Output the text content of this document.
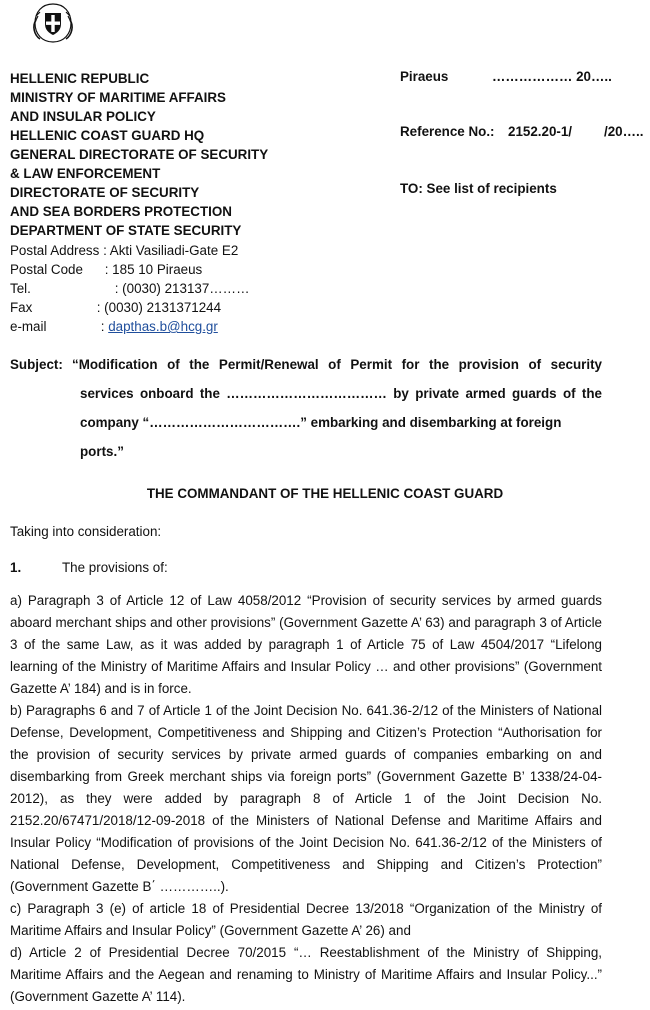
HELLENIC REPUBLIC
MINISTRY OF MARITIME AFFAIRS
AND INSULAR POLICY
HELLENIC COAST GUARD HQ
GENERAL DIRECTORATE OF SECURITY
& LAW ENFORCEMENT
DIRECTORATE OF SECURITY
AND SEA BORDERS PROTECTION
DEPARTMENT OF STATE SECURITY
Postal Address : Akti Vasiliadi-Gate E2
Postal Code : 185 10 Piraeus
Tel.	: (0030) 213137………
Fax	: (0030) 2131371244
e-mail	: dapthas.b@hcg.gr
Piraeus	……………… 20…..
Reference No.: 2152.20-1/ /20…..
TO: See list of recipients
Subject: “Modification of the Permit/Renewal of Permit for the provision of security
services onboard the ……………………………… by private armed guards of the
company “…………………………….” embarking and disembarking at foreign ports.”
THE COMMANDANT OF THE HELLENIC COAST GUARD
Taking into consideration:
1.	The provisions of:

a) Paragraph 3 of Article 12 of Law 4058/2012 “Provision of security services by armed guards aboard merchant ships and other provisions” (Government Gazette A’ 63) and paragraph 3 of Article 3 of the same Law, as it was added by paragraph 1 of Article 75 of Law 4504/2017 “Lifelong learning of the Ministry of Maritime Affairs and Insular Policy … and other provisions” (Government Gazette A’ 184) and is in force.

b) Paragraphs 6 and 7 of Article 1 of the Joint Decision No. 641.36-2/12 of the Ministers of National Defense, Development, Competitiveness and Shipping and Citizen’s Protection “Authorisation for the provision of security services by private armed guards of companies embarking on and disembarking from Greek merchant ships via foreign ports” (Government Gazette B’ 1338/24-04-2012), as they were added by paragraph 8 of Article 1 of the Joint Decision No. 2152.20/67471/2018/12-09-2018 of the Ministers of National Defense and Maritime Affairs and Insular Policy “Modification of provisions of the Joint Decision No. 641.36-2/12 of the Ministers of National Defense, Development, Competitiveness and Shipping and Citizen’s Protection” (Government Gazette B΄ …………..).

c) Paragraph 3 (e) of article 18 of Presidential Decree 13/2018 “Organization of the Ministry of Maritime Affairs and Insular Policy” (Government Gazette A’ 26) and

d) Article 2 of Presidential Decree 70/2015 “… Reestablishment of the Ministry of Shipping, Maritime Affairs and the Aegean and renaming to Ministry of Maritime Affairs and Insular Policy...” (Government Gazette A’ 114).
